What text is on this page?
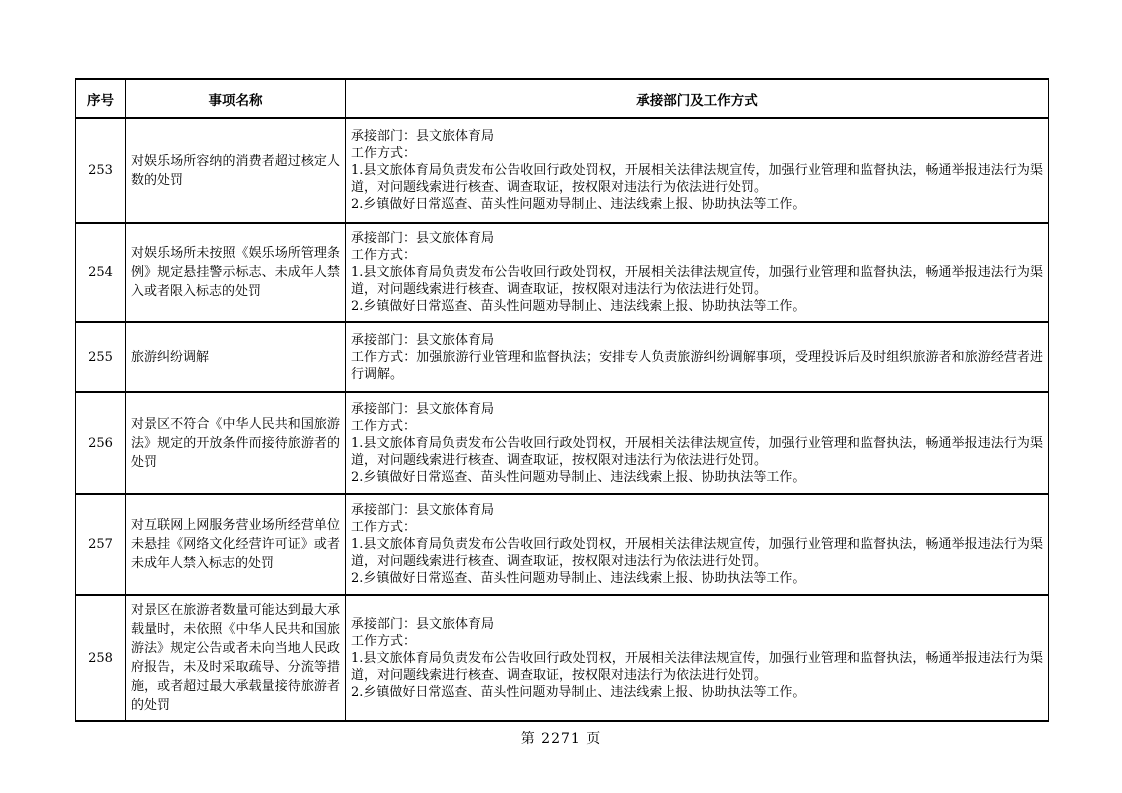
序号	事项名称	承接部门及工作方式
253	对娱乐场所容纳的消费者超过核定人数的处罚	承接部门：县文旅体育局
工作方式：
1.县文旅体育局负责发布公告收回行政处罚权，开展相关法律法规宣传，加强行业管理和监督执法，畅通举报违法行为渠道，对问题线索进行核查、调查取证，按权限对违法行为依法进行处罚。
2.乡镇做好日常巡查、苗头性问题劝导制止、违法线索上报、协助执法等工作。

254	对娱乐场所未按照《娱乐场所管理条例》规定悬挂警示标志、未成年人禁入或者限入标志的处罚	承接部门：县文旅体育局
工作方式：
1.县文旅体育局负责发布公告收回行政处罚权，开展相关法律法规宣传，加强行业管理和监督执法，畅通举报违法行为渠道，对问题线索进行核查、调查取证，按权限对违法行为依法进行处罚。
2.乡镇做好日常巡查、苗头性问题劝导制止、违法线索上报、协助执法等工作。

255	旅游纠纷调解	承接部门：县文旅体育局
工作方式：加强旅游行业管理和监督执法；安排专人负责旅游纠纷调解事项，受理投诉后及时组织旅游者和旅游经营者进行调解。

256	对景区不符合《中华人民共和国旅游法》规定的开放条件而接待旅游者的处罚	承接部门：县文旅体育局
工作方式：
1.县文旅体育局负责发布公告收回行政处罚权，开展相关法律法规宣传，加强行业管理和监督执法，畅通举报违法行为渠道，对问题线索进行核查、调查取证，按权限对违法行为依法进行处罚。
2.乡镇做好日常巡查、苗头性问题劝导制止、违法线索上报、协助执法等工作。

257	对互联网上网服务营业场所经营单位未悬挂《网络文化经营许可证》或者未成年人禁入标志的处罚	承接部门：县文旅体育局
工作方式：
1.县文旅体育局负责发布公告收回行政处罚权，开展相关法律法规宣传，加强行业管理和监督执法，畅通举报违法行为渠道，对问题线索进行核查、调查取证，按权限对违法行为依法进行处罚。
2.乡镇做好日常巡查、苗头性问题劝导制止、违法线索上报、协助执法等工作。

258	对景区在旅游者数量可能达到最大承载量时，未依照《中华人民共和国旅游法》规定公告或者未向当地人民政府报告，未及时采取疏导、分流等措施，或者超过最大承载量接待旅游者的处罚	承接部门：县文旅体育局
工作方式：
1.县文旅体育局负责发布公告收回行政处罚权，开展相关法律法规宣传，加强行业管理和监督执法，畅通举报违法行为渠道，对问题线索进行核查、调查取证，按权限对违法行为依法进行处罚。
2.乡镇做好日常巡查、苗头性问题劝导制止、违法线索上报、协助执法等工作。
第 2271 页
